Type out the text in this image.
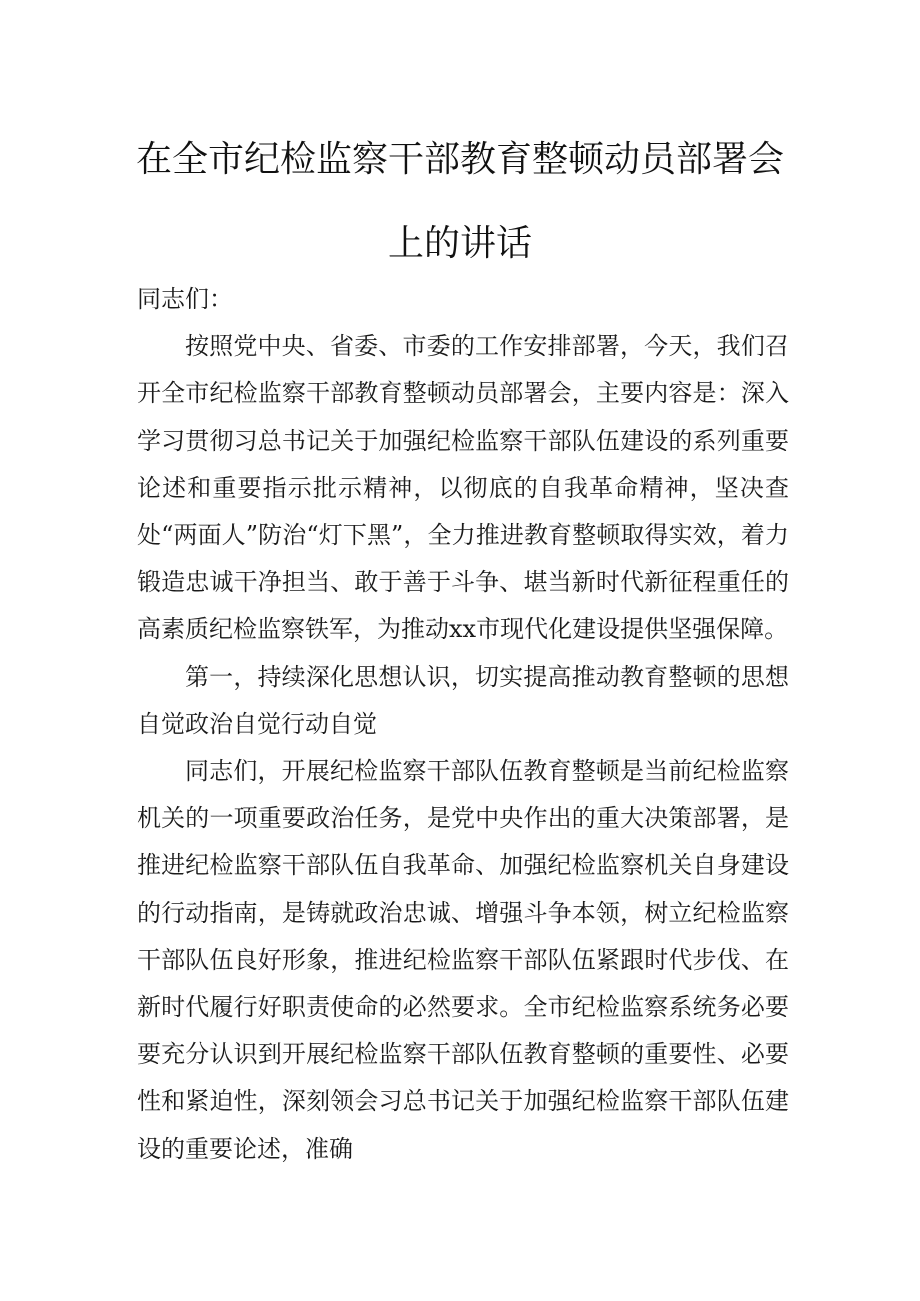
在全市纪检监察干部教育整顿动员部署会
上的讲话

同志们：

按照党中央、省委、市委的工作安排部署，今天，我们召开全市纪检监察干部教育整顿动员部署会，主要内容是：深入学习贯彻习总书记关于加强纪检监察干部队伍建设的系列重要论述和重要指示批示精神，以彻底的自我革命精神，坚决查处“两面人”防治“灯下黑”，全力推进教育整顿取得实效，着力锻造忠诚干净担当、敢于善于斗争、堪当新时代新征程重任的高素质纪检监察铁军，为推动xx市现代化建设提供坚强保障。

第一，持续深化思想认识，切实提高推动教育整顿的思想自觉政治自觉行动自觉

同志们，开展纪检监察干部队伍教育整顿是当前纪检监察机关的一项重要政治任务，是党中央作出的重大决策部署，是推进纪检监察干部队伍自我革命、加强纪检监察机关自身建设的行动指南，是铸就政治忠诚、增强斗争本领，树立纪检监察干部队伍良好形象，推进纪检监察干部队伍紧跟时代步伐、在新时代履行好职责使命的必然要求。全市纪检监察系统务必要要充分认识到开展纪检监察干部队伍教育整顿的重要性、必要性和紧迫性，深刻领会习总书记关于加强纪检监察干部队伍建设的重要论述，准确
